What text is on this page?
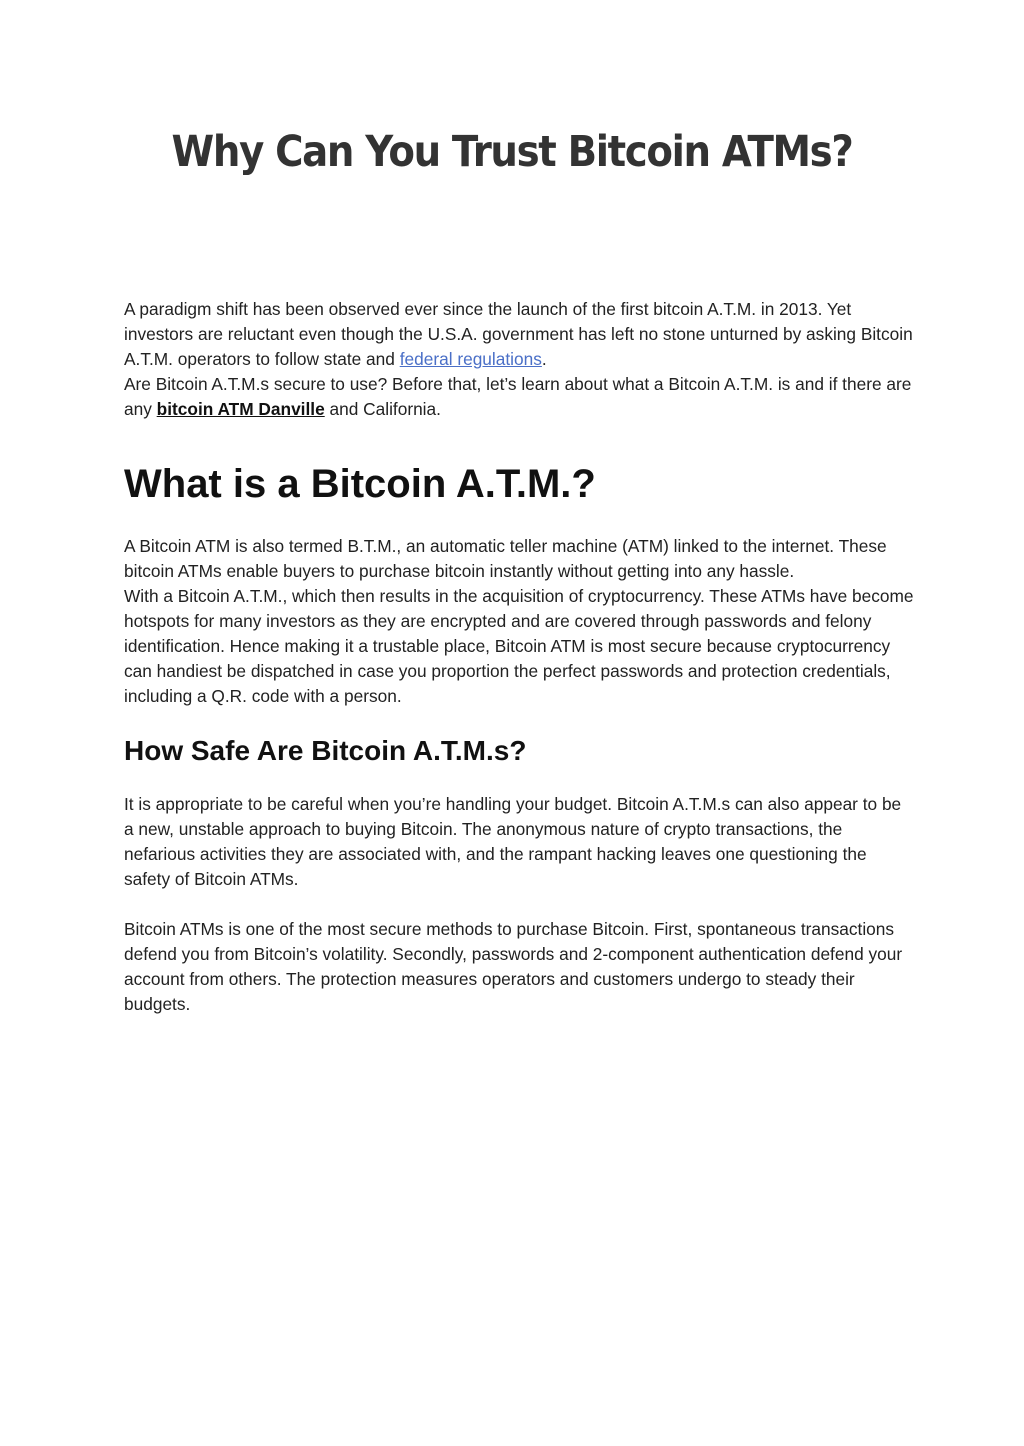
Why Can You Trust Bitcoin ATMs?

A paradigm shift has been observed ever since the launch of the first bitcoin A.T.M. in 2013. Yet investors are reluctant even though the U.S.A. government has left no stone unturned by asking Bitcoin A.T.M. operators to follow state and federal regulations.

Are Bitcoin A.T.M.s secure to use? Before that, let’s learn about what a Bitcoin A.T.M. is and if there are any bitcoin ATM Danville and California.

What is a Bitcoin A.T.M.?

A Bitcoin ATM is also termed B.T.M., an automatic teller machine (ATM) linked to the internet. These bitcoin ATMs enable buyers to purchase bitcoin instantly without getting into any hassle.

With a Bitcoin A.T.M., which then results in the acquisition of cryptocurrency. These ATMs have become hotspots for many investors as they are encrypted and are covered through passwords and felony identification. Hence making it a trustable place, Bitcoin ATM is most secure because cryptocurrency can handiest be dispatched in case you proportion the perfect passwords and protection credentials, including a Q.R. code with a person.

How Safe Are Bitcoin A.T.M.s?

It is appropriate to be careful when you’re handling your budget. Bitcoin A.T.M.s can also appear to be a new, unstable approach to buying Bitcoin. The anonymous nature of crypto transactions, the nefarious activities they are associated with, and the rampant hacking leaves one questioning the safety of Bitcoin ATMs.

Bitcoin ATMs is one of the most secure methods to purchase Bitcoin. First, spontaneous transactions defend you from Bitcoin’s volatility. Secondly, passwords and 2-component authentication defend your account from others. The protection measures operators and customers undergo to steady their budgets.
